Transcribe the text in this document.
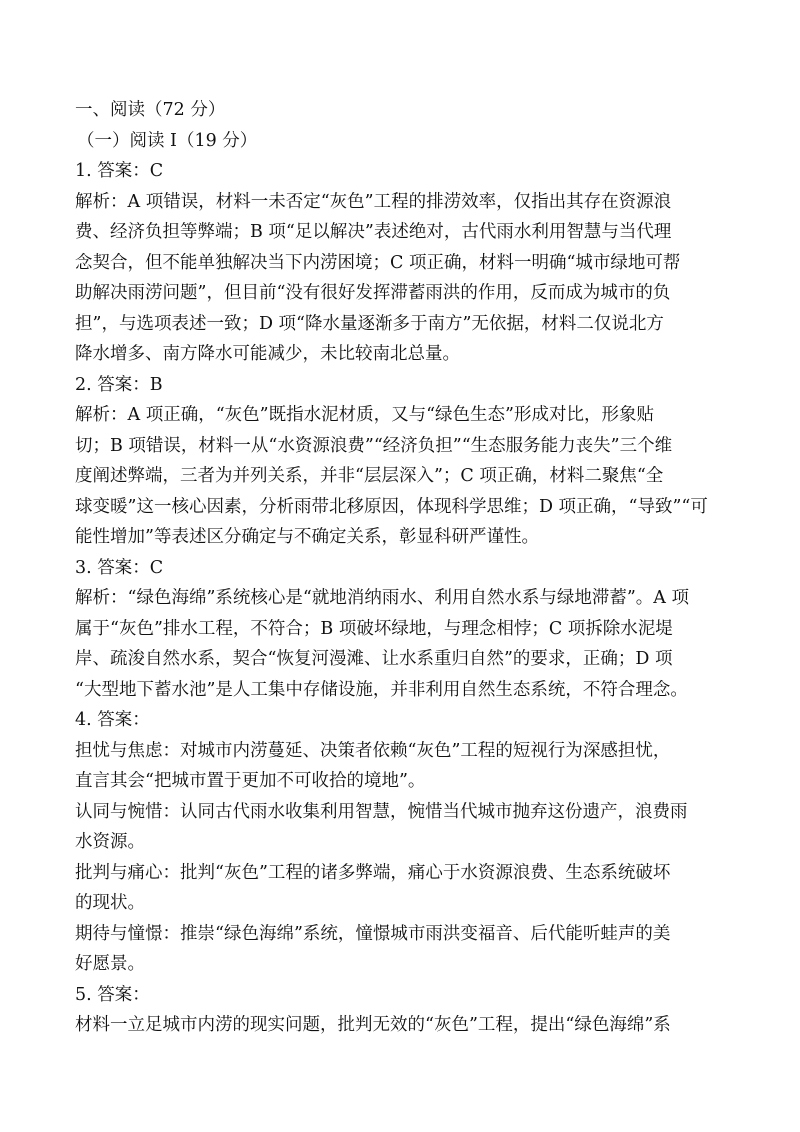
一、阅读（72 分）
（一）阅读 I（19 分）
1. 答案：C
解析：A 项错误，材料一未否定“灰色”工程的排涝效率，仅指出其存在资源浪
费、经济负担等弊端；B 项“足以解决”表述绝对，古代雨水利用智慧与当代理
念契合，但不能单独解决当下内涝困境；C 项正确，材料一明确“城市绿地可帮
助解决雨涝问题”，但目前“没有很好发挥滞蓄雨洪的作用，反而成为城市的负
担”，与选项表述一致；D 项“降水量逐渐多于南方”无依据，材料二仅说北方
降水增多、南方降水可能减少，未比较南北总量。
2. 答案：B
解析：A 项正确，“灰色”既指水泥材质，又与“绿色生态”形成对比，形象贴
切；B 项错误，材料一从“水资源浪费”“经济负担”“生态服务能力丧失”三个维
度阐述弊端，三者为并列关系，并非“层层深入”；C 项正确，材料二聚焦“全
球变暖”这一核心因素，分析雨带北移原因，体现科学思维；D 项正确，“导致”“可
能性增加”等表述区分确定与不确定关系，彰显科研严谨性。
3. 答案：C
解析：“绿色海绵”系统核心是“就地消纳雨水、利用自然水系与绿地滞蓄”。A 项
属于“灰色”排水工程，不符合；B 项破坏绿地，与理念相悖；C 项拆除水泥堤
岸、疏浚自然水系，契合“恢复河漫滩、让水系重归自然”的要求，正确；D 项
“大型地下蓄水池”是人工集中存储设施，并非利用自然生态系统，不符合理念。
4. 答案：
担忧与焦虑：对城市内涝蔓延、决策者依赖“灰色”工程的短视行为深感担忧，
直言其会“把城市置于更加不可收拾的境地”。
认同与惋惜：认同古代雨水收集利用智慧，惋惜当代城市抛弃这份遗产，浪费雨
水资源。
批判与痛心：批判“灰色”工程的诸多弊端，痛心于水资源浪费、生态系统破坏
的现状。
期待与憧憬：推崇“绿色海绵”系统，憧憬城市雨洪变福音、后代能听蛙声的美
好愿景。
5. 答案：
材料一立足城市内涝的现实问题，批判无效的“灰色”工程，提出“绿色海绵”系
